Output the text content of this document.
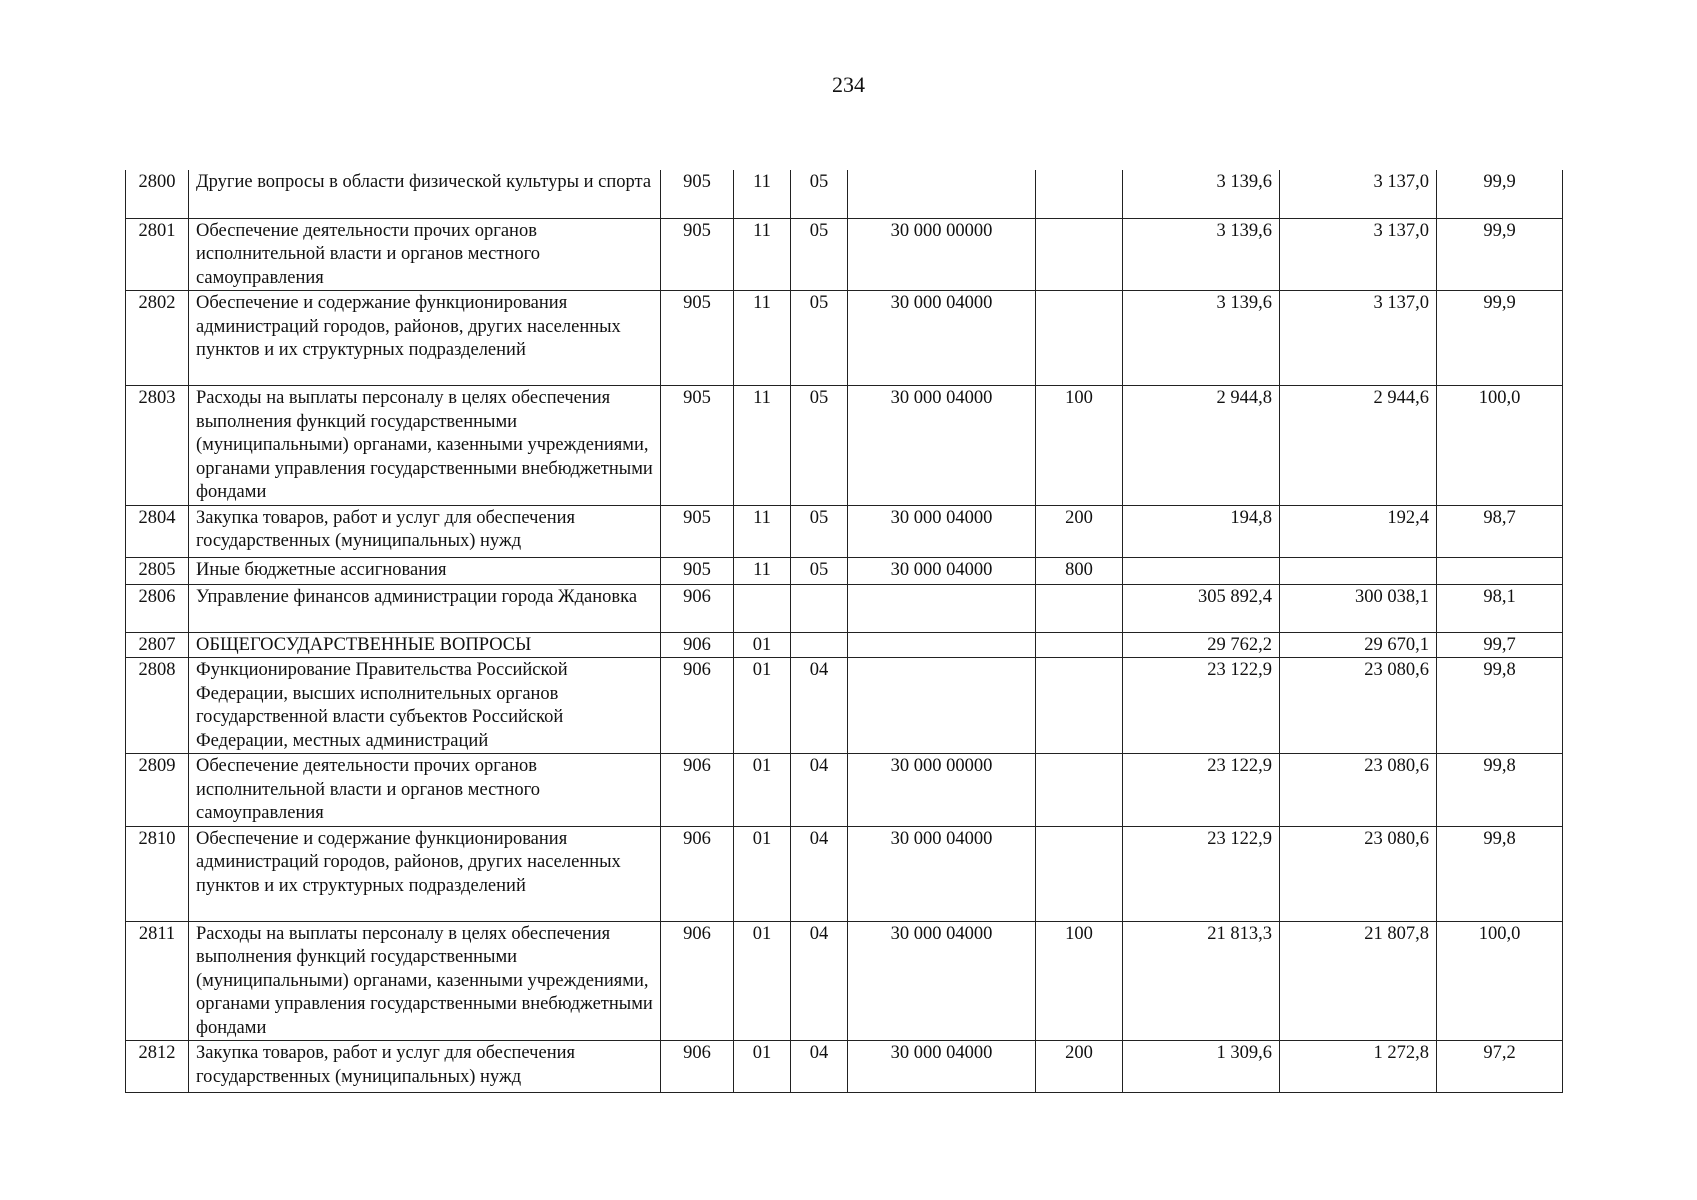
234
2800	Другие вопросы в области физической культуры и спорта	905	11	05			3 139,6	3 137,0	99,9
2801	Обеспечение деятельности прочих органов исполнительной власти и органов местного самоуправления	905	11	05	30 000 00000		3 139,6	3 137,0	99,9
2802	Обеспечение и содержание функционирования администраций городов, районов, других населенных пунктов и их структурных подразделений	905	11	05	30 000 04000		3 139,6	3 137,0	99,9
2803	Расходы на выплаты персоналу в целях обеспечения выполнения функций государственными (муниципальными) органами, казенными учреждениями, органами управления государственными внебюджетными фондами	905	11	05	30 000 04000	100	2 944,8	2 944,6	100,0
2804	Закупка товаров, работ и услуг для обеспечения государственных (муниципальных) нужд	905	11	05	30 000 04000	200	194,8	192,4	98,7
2805	Иные бюджетные ассигнования	905	11	05	30 000 04000	800			
2806	Управление финансов администрации города Ждановка	906					305 892,4	300 038,1	98,1
2807	ОБЩЕГОСУДАРСТВЕННЫЕ ВОПРОСЫ	906	01				29 762,2	29 670,1	99,7
2808	Функционирование Правительства Российской Федерации, высших исполнительных органов государственной власти субъектов Российской Федерации, местных администраций	906	01	04			23 122,9	23 080,6	99,8
2809	Обеспечение деятельности прочих органов исполнительной власти и органов местного самоуправления	906	01	04	30 000 00000		23 122,9	23 080,6	99,8
2810	Обеспечение и содержание функционирования администраций городов, районов, других населенных пунктов и их структурных подразделений	906	01	04	30 000 04000		23 122,9	23 080,6	99,8
2811	Расходы на выплаты персоналу в целях обеспечения выполнения функций государственными (муниципальными) органами, казенными учреждениями, органами управления государственными внебюджетными фондами	906	01	04	30 000 04000	100	21 813,3	21 807,8	100,0
2812	Закупка товаров, работ и услуг для обеспечения государственных (муниципальных) нужд	906	01	04	30 000 04000	200	1 309,6	1 272,8	97,2
